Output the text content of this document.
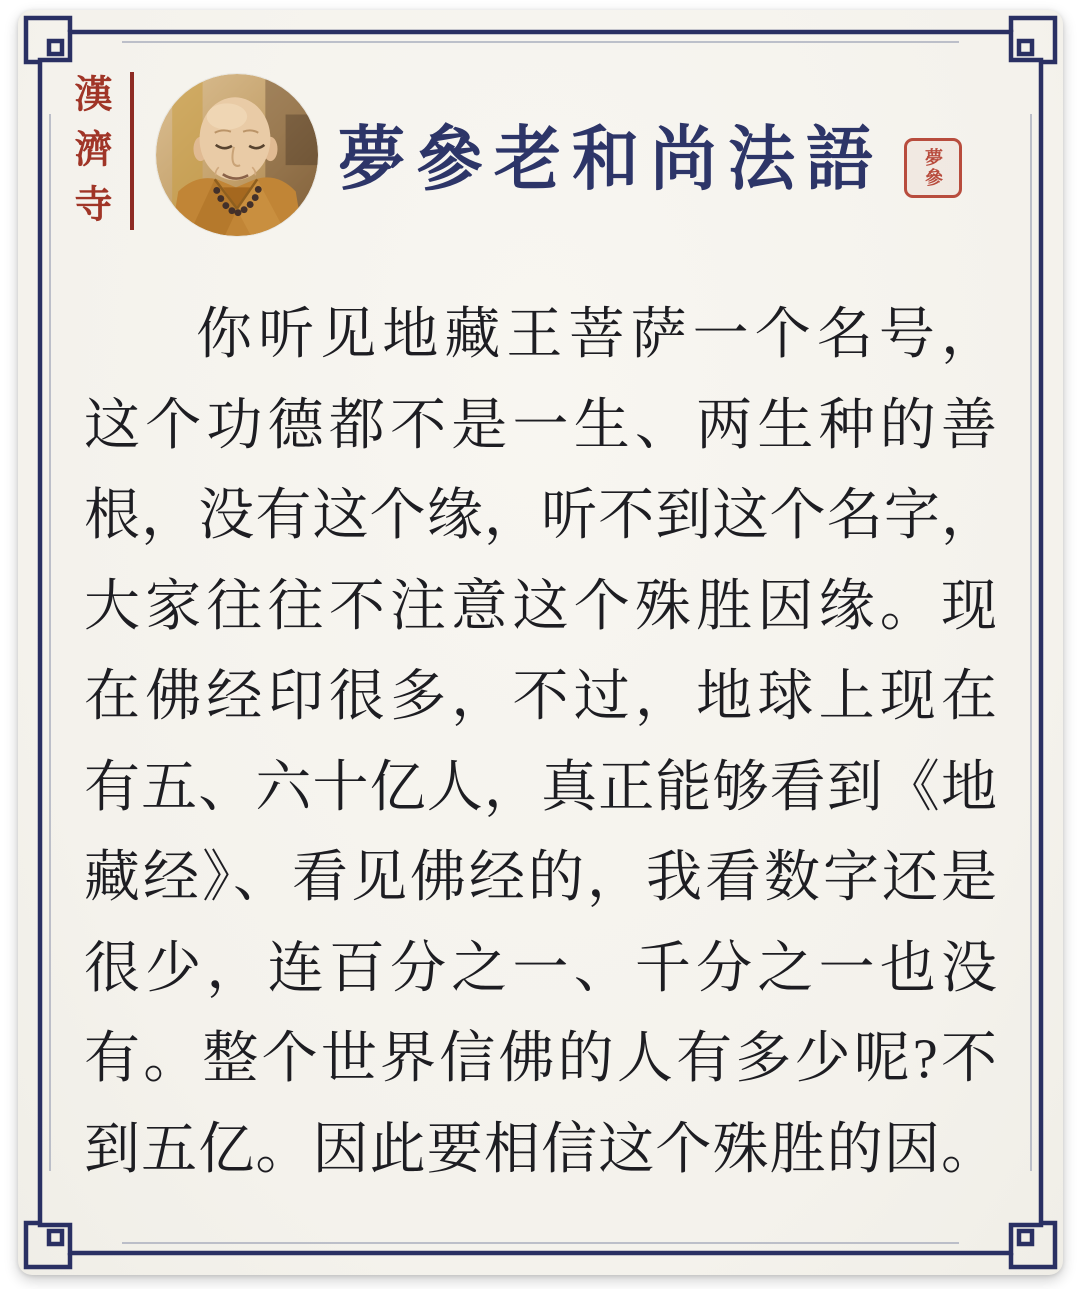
漢濟寺	夢參老和尚法語	夢參
你听见地藏王菩萨一个名号，
这个功德都不是一生、两生种的善
根，没有这个缘，听不到这个名字，
大家往往不注意这个殊胜因缘。现
在佛经印很多，不过，地球上现在
有五、六十亿人，真正能够看到《地
藏经》、看见佛经的，我看数字还是
很少，连百分之一、千分之一也没
有。整个世界信佛的人有多少呢?不
到五亿。因此要相信这个殊胜的因。
